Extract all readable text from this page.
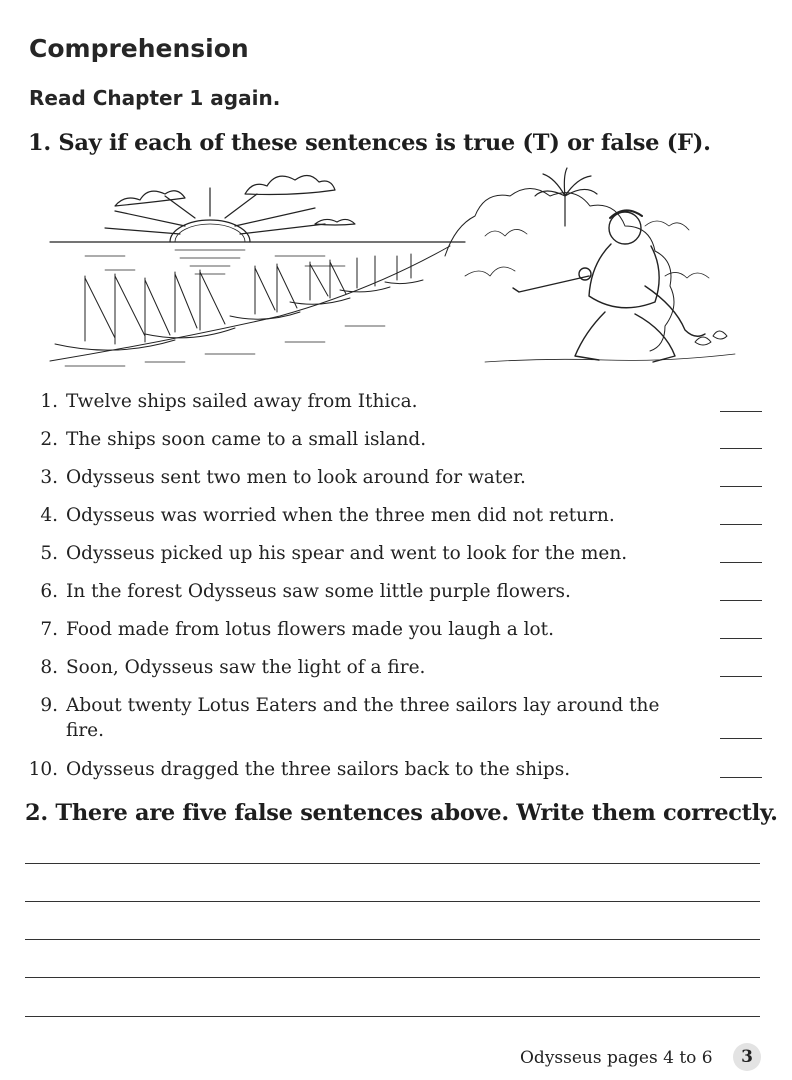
Comprehension
Read Chapter 1 again.
1. Say if each of these sentences is true (T) or false (F).
1. Twelve ships sailed away from Ithica.
2. The ships soon came to a small island.
3. Odysseus sent two men to look around for water.
4. Odysseus was worried when the three men did not return.
5. Odysseus picked up his spear and went to look for the men.
6. In the forest Odysseus saw some little purple flowers.
7. Food made from lotus flowers made you laugh a lot.
8. Soon, Odysseus saw the light of a fire.
9. About twenty Lotus Eaters and the three sailors lay around the fire.
10. Odysseus dragged the three sailors back to the ships.
2. There are five false sentences above. Write them correctly.
Odysseus pages 4 to 6	3
